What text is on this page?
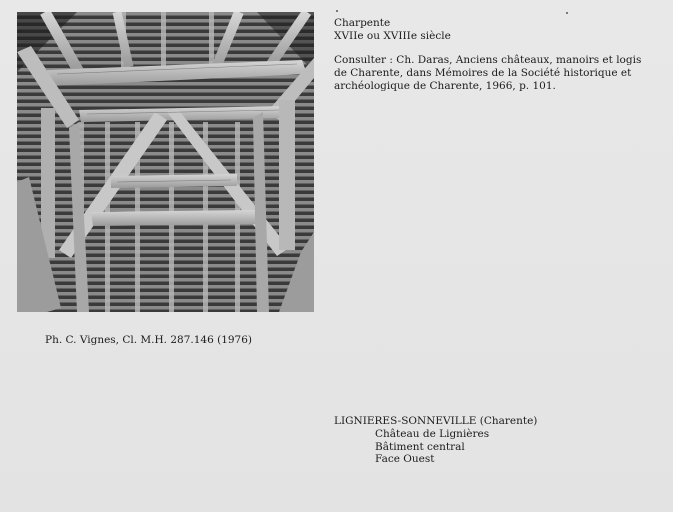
Charpente
XVIIe ou XVIIIe siècle
Consulter : Ch. Daras, Anciens châteaux, manoirs et logis
de Charente, dans Mémoires de la Société historique et
archéologique de Charente, 1966, p. 101.
Ph. C. Vignes, Cl. M.H. 287.146 (1976)
LIGNIERES-SONNEVILLE (Charente)
Château de Lignières
Bâtiment central
Face Ouest
